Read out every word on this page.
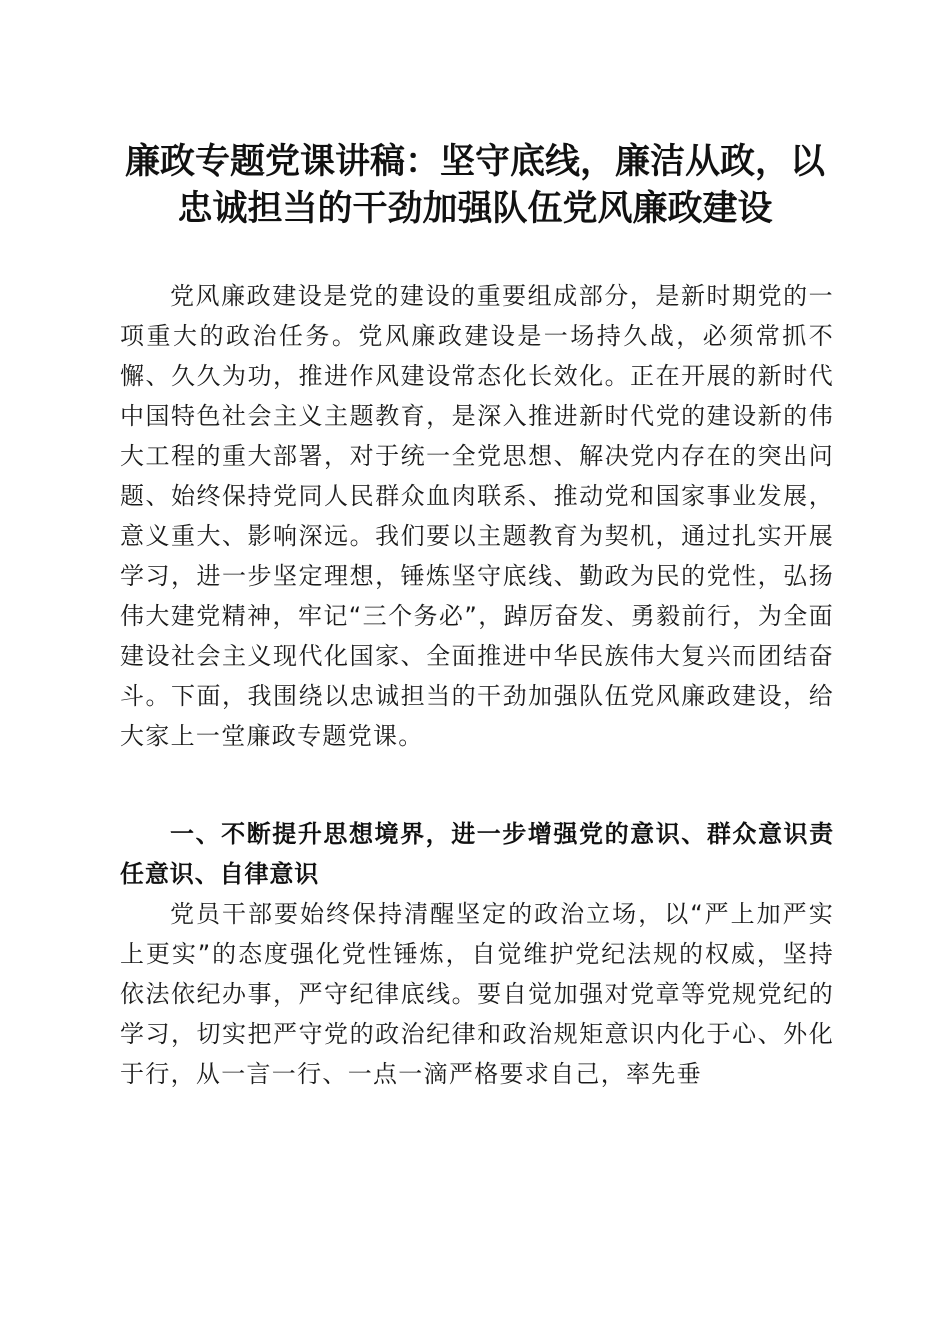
廉政专题党课讲稿：坚守底线，廉洁从政，以忠诚担当的干劲加强队伍党风廉政建设

党风廉政建设是党的建设的重要组成部分，是新时期党的一项重大的政治任务。党风廉政建设是一场持久战，必须常抓不懈、久久为功，推进作风建设常态化长效化。正在开展的新时代中国特色社会主义主题教育，是深入推进新时代党的建设新的伟大工程的重大部署，对于统一全党思想、解决党内存在的突出问题、始终保持党同人民群众血肉联系、推动党和国家事业发展，意义重大、影响深远。我们要以主题教育为契机，通过扎实开展学习，进一步坚定理想，锤炼坚守底线、勤政为民的党性，弘扬伟大建党精神，牢记“三个务必”，踔厉奋发、勇毅前行，为全面建设社会主义现代化国家、全面推进中华民族伟大复兴而团结奋斗。下面，我围绕以忠诚担当的干劲加强队伍党风廉政建设，给大家上一堂廉政专题党课。

一、不断提升思想境界，进一步增强党的意识、群众意识责任意识、自律意识

党员干部要始终保持清醒坚定的政治立场，以“严上加严实上更实”的态度强化党性锤炼，自觉维护党纪法规的权威，坚持依法依纪办事，严守纪律底线。要自觉加强对党章等党规党纪的学习，切实把严守党的政治纪律和政治规矩意识内化于心、外化于行，从一言一行、一点一滴严格要求自己，率先垂
